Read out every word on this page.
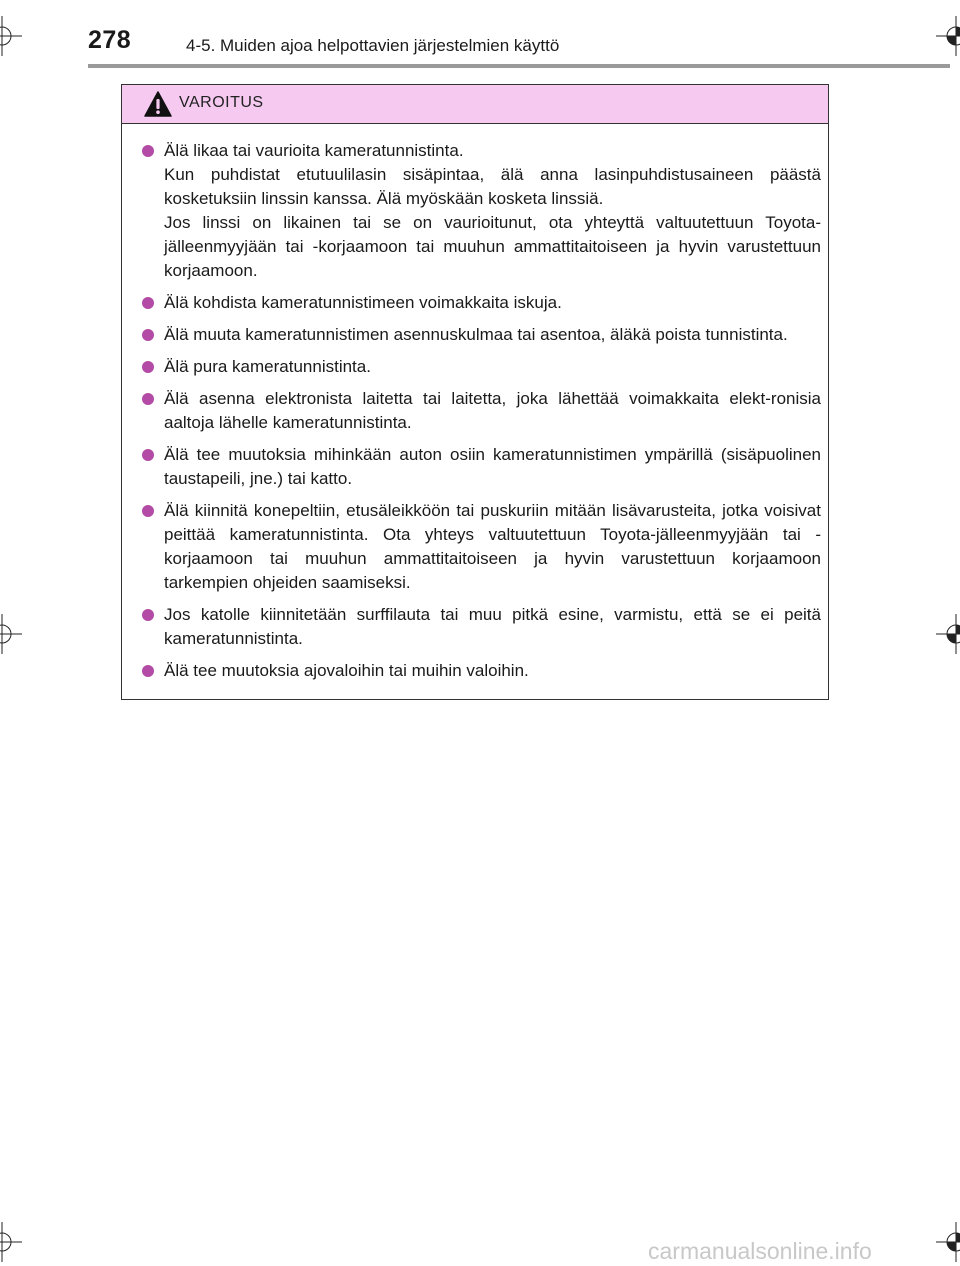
278	4-5. Muiden ajoa helpottavien järjestelmien käyttö
VAROITUS
Älä likaa tai vaurioita kameratunnistinta.
Kun puhdistat etutuulilasin sisäpintaa, älä anna lasinpuhdistusaineen päästä kosketuksiin linssin kanssa. Älä myöskään kosketa linssiä.
Jos linssi on likainen tai se on vaurioitunut, ota yhteyttä valtuutettuun Toyota-jälleenmyyjään tai -korjaamoon tai muuhun ammattitaitoiseen ja hyvin varustettuun korjaamoon.
Älä kohdista kameratunnistimeen voimakkaita iskuja.
Älä muuta kameratunnistimen asennuskulmaa tai asentoa, äläkä poista tunnistinta.
Älä pura kameratunnistinta.
Älä asenna elektronista laitetta tai laitetta, joka lähettää voimakkaita elekt-ronisia aaltoja lähelle kameratunnistinta.
Älä tee muutoksia mihinkään auton osiin kameratunnistimen ympärillä (sisäpuolinen taustapeili, jne.) tai katto.
Älä kiinnitä konepeltiin, etusäleikköön tai puskuriin mitään lisävarusteita, jotka voisivat peittää kameratunnistinta. Ota yhteys valtuutettuun Toyota-jälleenmyyjään tai -korjaamoon tai muuhun ammattitaitoiseen ja hyvin varustettuun korjaamoon tarkempien ohjeiden saamiseksi.
Jos katolle kiinnitetään surffilauta tai muu pitkä esine, varmistu, että se ei peitä kameratunnistinta.
Älä tee muutoksia ajovaloihin tai muihin valoihin.
carmanualsonline.info
